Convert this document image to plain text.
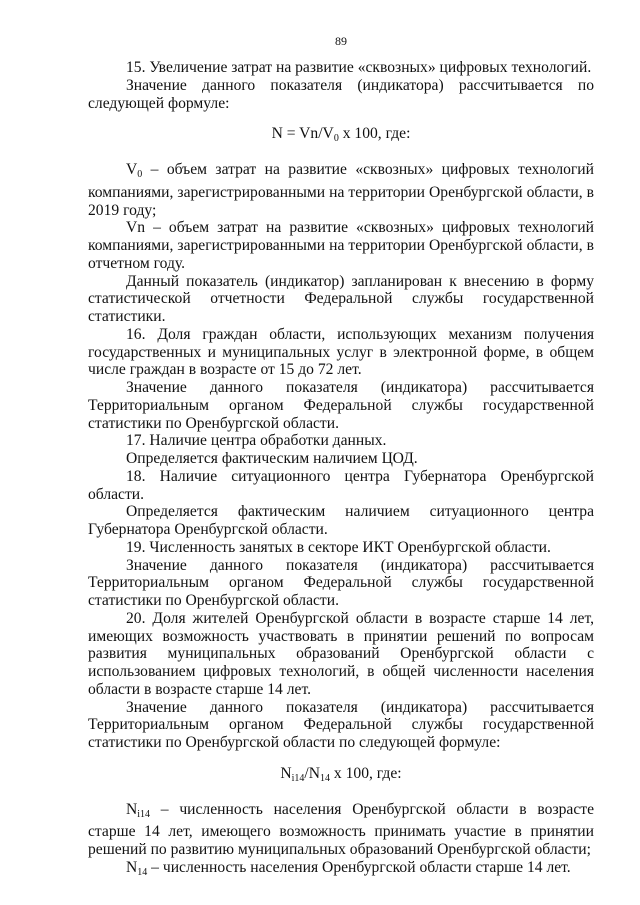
89

15. Увеличение затрат на развитие «сквозных» цифровых технологий.

Значение данного показателя (индикатора) рассчитывается по следующей формуле:

$N = Vn/V_0$ x 100, где:

$V_0$ – объем затрат на развитие «сквозных» цифровых технологий компаниями, зарегистрированными на территории Оренбургской области, в 2019 году;

Vn – объем затрат на развитие «сквозных» цифровых технологий компаниями, зарегистрированными на территории Оренбургской области, в отчетном году.

Данный показатель (индикатор) запланирован к внесению в форму статистической отчетности Федеральной службы государственной статистики.

16. Доля граждан области, использующих механизм получения государственных и муниципальных услуг в электронной форме, в общем числе граждан в возрасте от 15 до 72 лет.

Значение данного показателя (индикатора) рассчитывается Территориальным органом Федеральной службы государственной статистики по Оренбургской области.

17. Наличие центра обработки данных.

Определяется фактическим наличием ЦОД.

18. Наличие ситуационного центра Губернатора Оренбургской области.

Определяется фактическим наличием ситуационного центра Губернатора Оренбургской области.

19. Численность занятых в секторе ИКТ Оренбургской области.

Значение данного показателя (индикатора) рассчитывается Территориальным органом Федеральной службы государственной статистики по Оренбургской области.

20. Доля жителей Оренбургской области в возрасте старше 14 лет, имеющих возможность участвовать в принятии решений по вопросам развития муниципальных образований Оренбургской области с использованием цифровых технологий, в общей численности населения области в возрасте старше 14 лет.

Значение данного показателя (индикатора) рассчитывается Территориальным органом Федеральной службы государственной статистики по Оренбургской области по следующей формуле:

$N_{i14}/N_{14}$ x 100, где:

$N_{i14}$ – численность населения Оренбургской области в возрасте старше 14 лет, имеющего возможность принимать участие в принятии решений по развитию муниципальных образований Оренбургской области;

$N_{14}$ – численность населения Оренбургской области старше 14 лет.
